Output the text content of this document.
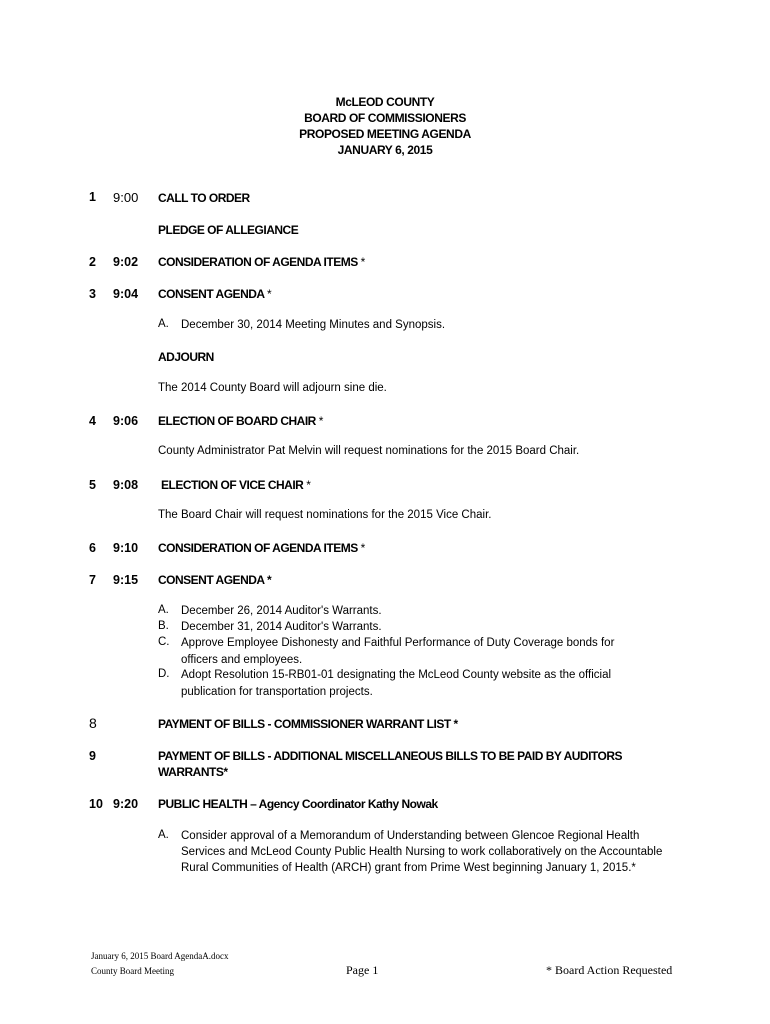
McLEOD COUNTY
BOARD OF COMMISSIONERS
PROPOSED MEETING AGENDA
JANUARY 6, 2015
1 9:00 CALL TO ORDER
PLEDGE OF ALLEGIANCE
2 9:02 CONSIDERATION OF AGENDA ITEMS *
3 9:04 CONSENT AGENDA *
A. December 30, 2014 Meeting Minutes and Synopsis.
ADJOURN
The 2014 County Board will adjourn sine die.
4 9:06 ELECTION OF BOARD CHAIR *
County Administrator Pat Melvin will request nominations for the 2015 Board Chair.
5 9:08 ELECTION OF VICE CHAIR *
The Board Chair will request nominations for the 2015 Vice Chair.
6 9:10 CONSIDERATION OF AGENDA ITEMS *
7 9:15 CONSENT AGENDA *
A. December 26, 2014 Auditor's Warrants.
B. December 31, 2014 Auditor's Warrants.
C. Approve Employee Dishonesty and Faithful Performance of Duty Coverage bonds for
officers and employees.
D. Adopt Resolution 15-RB01-01 designating the McLeod County website as the official
publication for transportation projects.
8	PAYMENT OF BILLS - COMMISSIONER WARRANT LIST *
9	PAYMENT OF BILLS - ADDITIONAL MISCELLANEOUS BILLS TO BE PAID BY AUDITORS
WARRANTS*
10 9:20 PUBLIC HEALTH – Agency Coordinator Kathy Nowak
A. Consider approval of a Memorandum of Understanding between Glencoe Regional Health
Services and McLeod County Public Health Nursing to work collaboratively on the Accountable
Rural Communities of Health (ARCH) grant from Prime West beginning January 1, 2015.*
January 6, 2015 Board AgendaA.docx
County Board Meeting	Page 1	* Board Action Requested
